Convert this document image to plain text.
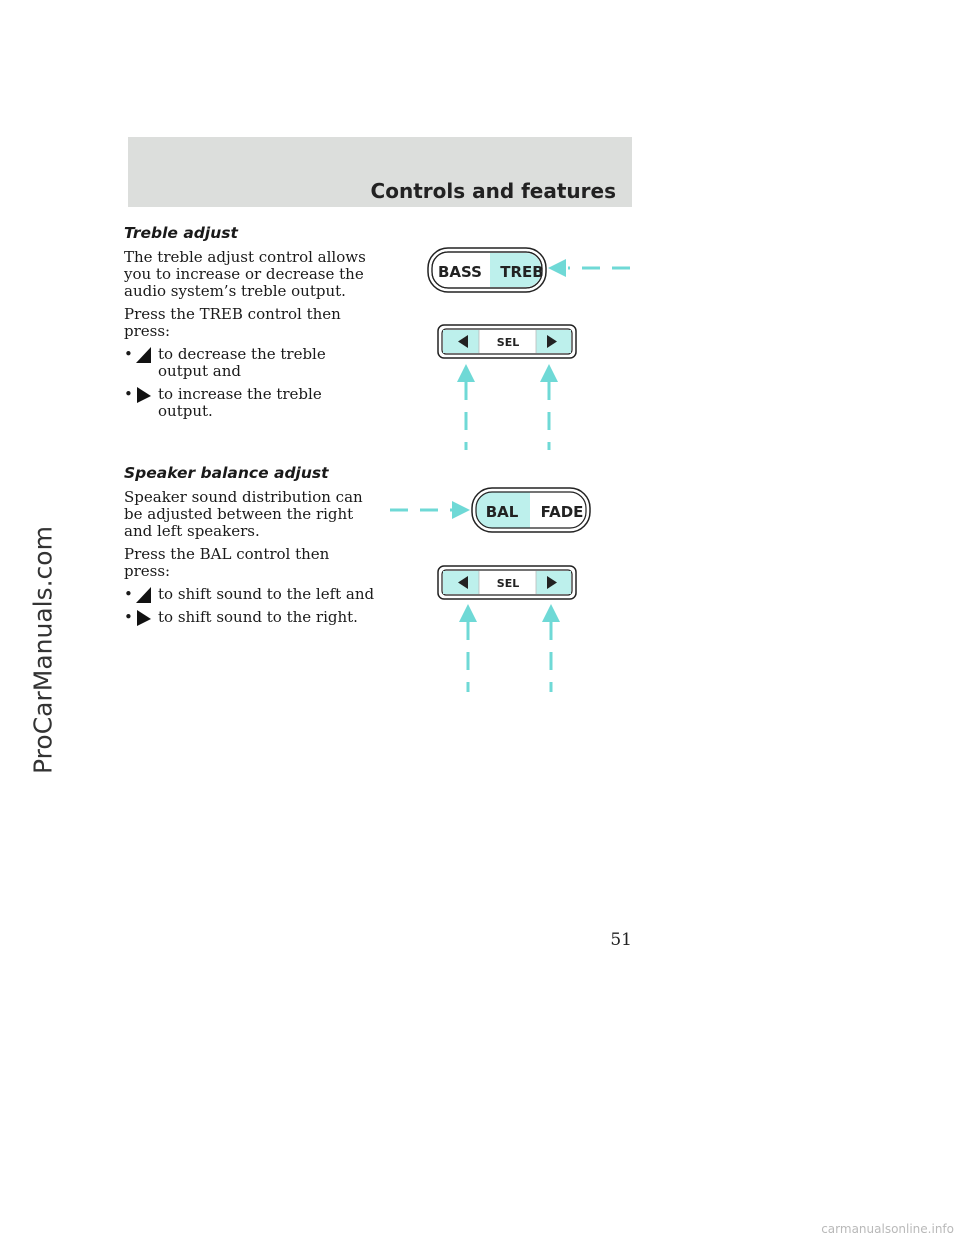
Controls and features
ProCarManuals.com
Treble adjust

The treble adjust control allows you to increase or decrease the audio system’s treble output.

Press the TREB control then press:

• to decrease the treble output and
• to increase the treble output.
Speaker balance adjust

Speaker sound distribution can be adjusted between the right and left speakers.

Press the BAL control then press:

• to shift sound to the left and
• to shift sound to the right.
BASS TREB
SEL
BAL FADE
SEL
51
carmanualsonline.info
